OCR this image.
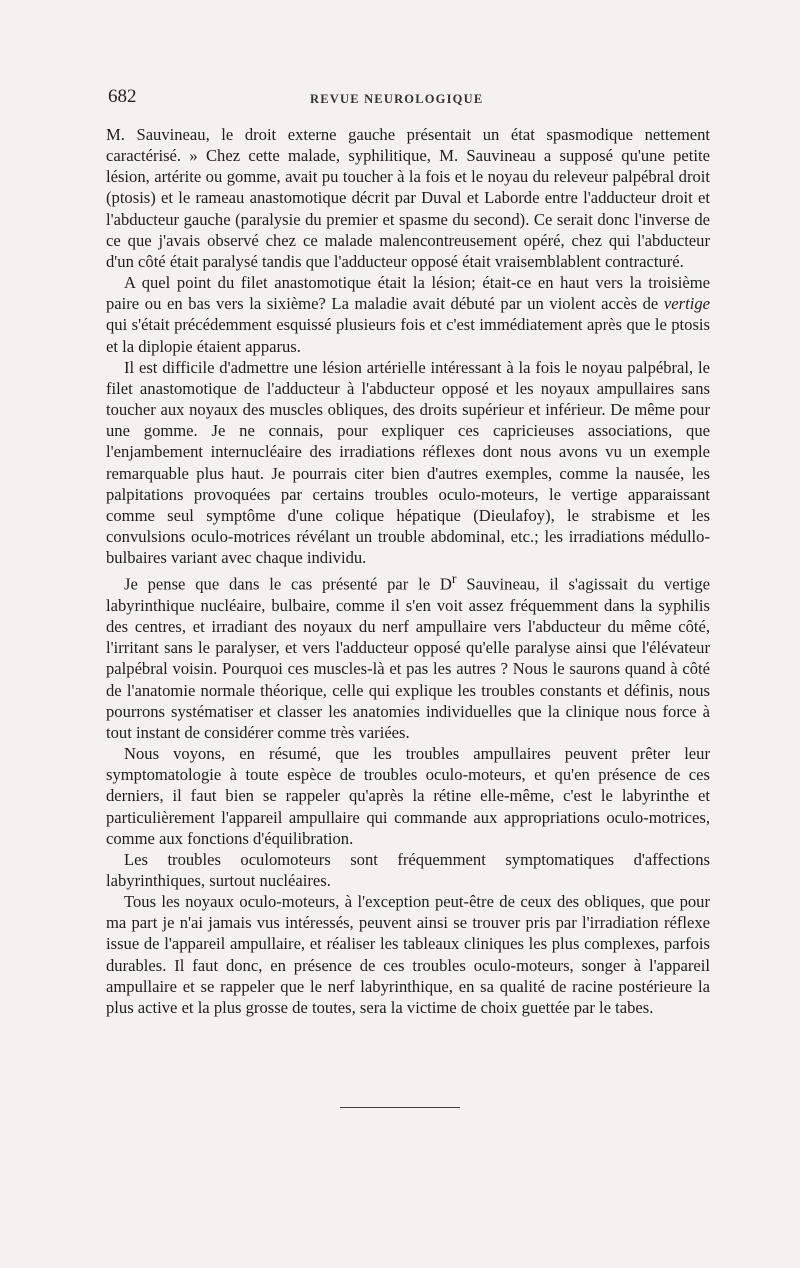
682	REVUE NEUROLOGIQUE

M. Sauvineau, le droit externe gauche présentait un état spasmodique nettement caractérisé. » Chez cette malade, syphilitique, M. Sauvineau a supposé qu'une petite lésion, artérite ou gomme, avait pu toucher à la fois et le noyau du releveur palpébral droit (ptosis) et le rameau anastomotique décrit par Duval et Laborde entre l'adducteur droit et l'abducteur gauche (paralysie du premier et spasme du second). Ce serait donc l'inverse de ce que j'avais observé chez ce malade malencontreusement opéré, chez qui l'abducteur d'un côté était paralysé tandis que l'adducteur opposé était vraisemblablent contracturé.

A quel point du filet anastomotique était la lésion; était-ce en haut vers la troisième paire ou en bas vers la sixième? La maladie avait débuté par un violent accès de vertige qui s'était précédemment esquissé plusieurs fois et c'est immédiatement après que le ptosis et la diplopie étaient apparus.

Il est difficile d'admettre une lésion artérielle intéressant à la fois le noyau palpébral, le filet anastomotique de l'adducteur à l'abducteur opposé et les noyaux ampullaires sans toucher aux noyaux des muscles obliques, des droits supérieur et inférieur. De même pour une gomme. Je ne connais, pour expliquer ces capricieuses associations, que l'enjambement internucléaire des irradiations réflexes dont nous avons vu un exemple remarquable plus haut. Je pourrais citer bien d'autres exemples, comme la nausée, les palpitations provoquées par certains troubles oculo-moteurs, le vertige apparaissant comme seul symptôme d'une colique hépatique (Dieulafoy), le strabisme et les convulsions oculo-motrices révélant un trouble abdominal, etc.; les irradiations médullo-bulbaires variant avec chaque individu.

Je pense que dans le cas présenté par le $D^r$ Sauvineau, il s'agissait du vertige labyrinthique nucléaire, bulbaire, comme il s'en voit assez fréquemment dans la syphilis des centres, et irradiant des noyaux du nerf ampullaire vers l'abducteur du même côté, l'irritant sans le paralyser, et vers l'adducteur opposé qu'elle paralyse ainsi que l'élévateur palpébral voisin. Pourquoi ces muscles-là et pas les autres ? Nous le saurons quand à côté de l'anatomie normale théorique, celle qui explique les troubles constants et définis, nous pourrons systématiser et classer les anatomies individuelles que la clinique nous force à tout instant de considérer comme très variées.

Nous voyons, en résumé, que les troubles ampullaires peuvent prêter leur symptomatologie à toute espèce de troubles oculo-moteurs, et qu'en présence de ces derniers, il faut bien se rappeler qu'après la rétine elle-même, c'est le labyrinthe et particulièrement l'appareil ampullaire qui commande aux appropriations oculo-motrices, comme aux fonctions d'équilibration.

Les troubles oculomoteurs sont fréquemment symptomatiques d'affections labyrinthiques, surtout nucléaires.

Tous les noyaux oculo-moteurs, à l'exception peut-être de ceux des obliques, que pour ma part je n'ai jamais vus intéressés, peuvent ainsi se trouver pris par l'irradiation réflexe issue de l'appareil ampullaire, et réaliser les tableaux cliniques les plus complexes, parfois durables. Il faut donc, en présence de ces troubles oculo-moteurs, songer à l'appareil ampullaire et se rappeler que le nerf labyrinthique, en sa qualité de racine postérieure la plus active et la plus grosse de toutes, sera la victime de choix guettée par le tabes.
